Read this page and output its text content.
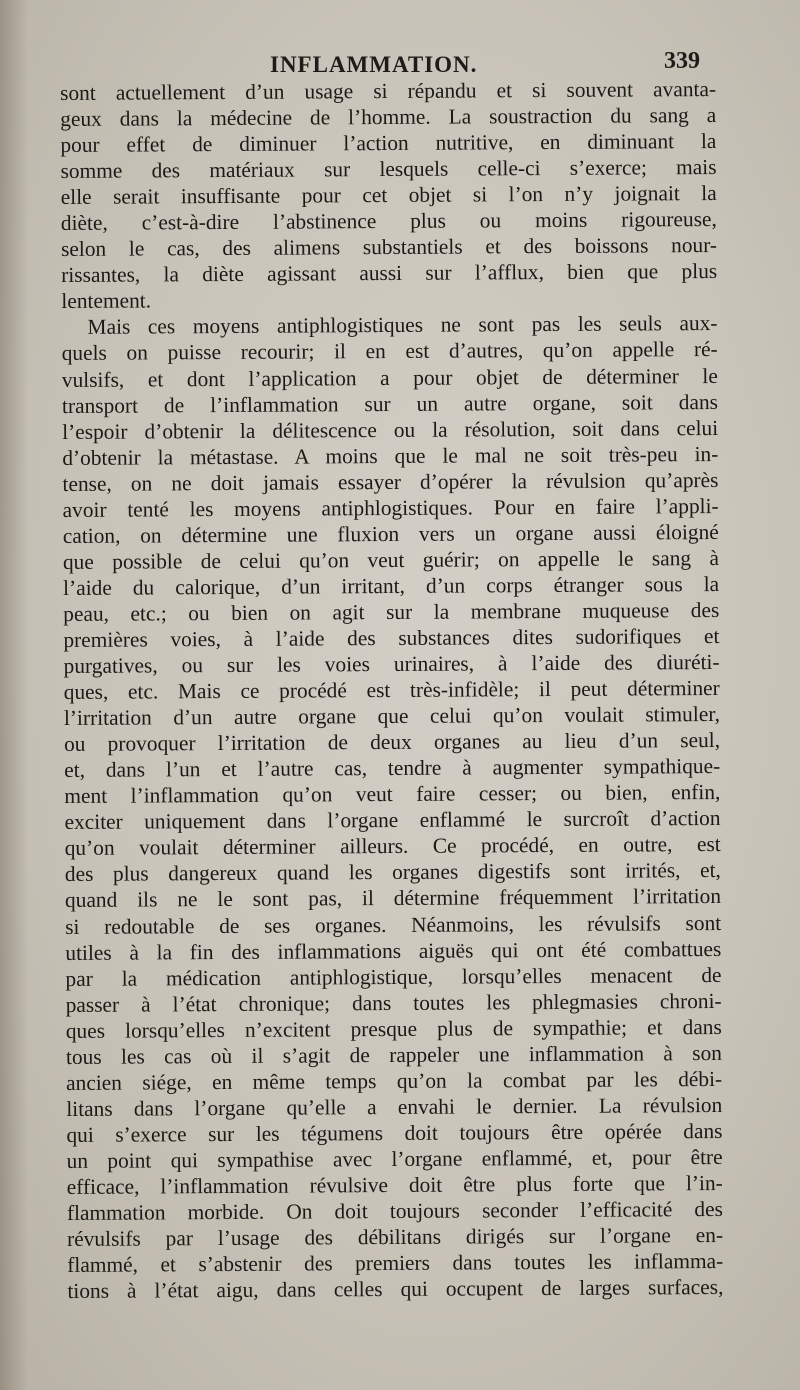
INFLAMMATION.	339
sont actuellement d’un usage si répandu et si souvent avanta-
geux dans la médecine de l’homme. La soustraction du sang a
pour effet de diminuer l’action nutritive, en diminuant la
somme des matériaux sur lesquels celle-ci s’exerce; mais
elle serait insuffisante pour cet objet si l’on n’y joignait la
diète, c’est-à-dire l’abstinence plus ou moins rigoureuse,
selon le cas, des alimens substantiels et des boissons nour-
rissantes, la diète agissant aussi sur l’afflux, bien que plus
lentement.
Mais ces moyens antiphlogistiques ne sont pas les seuls aux-
quels on puisse recourir; il en est d’autres, qu’on appelle ré-
vulsifs, et dont l’application a pour objet de déterminer le
transport de l’inflammation sur un autre organe, soit dans
l’espoir d’obtenir la délitescence ou la résolution, soit dans celui
d’obtenir la métastase. A moins que le mal ne soit très-peu in-
tense, on ne doit jamais essayer d’opérer la révulsion qu’après
avoir tenté les moyens antiphlogistiques. Pour en faire l’appli-
cation, on détermine une fluxion vers un organe aussi éloigné
que possible de celui qu’on veut guérir; on appelle le sang à
l’aide du calorique, d’un irritant, d’un corps étranger sous la
peau, etc.; ou bien on agit sur la membrane muqueuse des
premières voies, à l’aide des substances dites sudorifiques et
purgatives, ou sur les voies urinaires, à l’aide des diuréti-
ques, etc. Mais ce procédé est très-infidèle; il peut déterminer
l’irritation d’un autre organe que celui qu’on voulait stimuler,
ou provoquer l’irritation de deux organes au lieu d’un seul,
et, dans l’un et l’autre cas, tendre à augmenter sympathique-
ment l’inflammation qu’on veut faire cesser; ou bien, enfin,
exciter uniquement dans l’organe enflammé le surcroît d’action
qu’on voulait déterminer ailleurs. Ce procédé, en outre, est
des plus dangereux quand les organes digestifs sont irrités, et,
quand ils ne le sont pas, il détermine fréquemment l’irritation
si redoutable de ses organes. Néanmoins, les révulsifs sont
utiles à la fin des inflammations aiguës qui ont été combattues
par la médication antiphlogistique, lorsqu’elles menacent de
passer à l’état chronique; dans toutes les phlegmasies chroni-
ques lorsqu’elles n’excitent presque plus de sympathie; et dans
tous les cas où il s’agit de rappeler une inflammation à son
ancien siége, en même temps qu’on la combat par les débi-
litans dans l’organe qu’elle a envahi le dernier. La révulsion
qui s’exerce sur les tégumens doit toujours être opérée dans
un point qui sympathise avec l’organe enflammé, et, pour être
efficace, l’inflammation révulsive doit être plus forte que l’in-
flammation morbide. On doit toujours seconder l’efficacité des
révulsifs par l’usage des débilitans dirigés sur l’organe en-
flammé, et s’abstenir des premiers dans toutes les inflamma-
tions à l’état aigu, dans celles qui occupent de larges surfaces,
